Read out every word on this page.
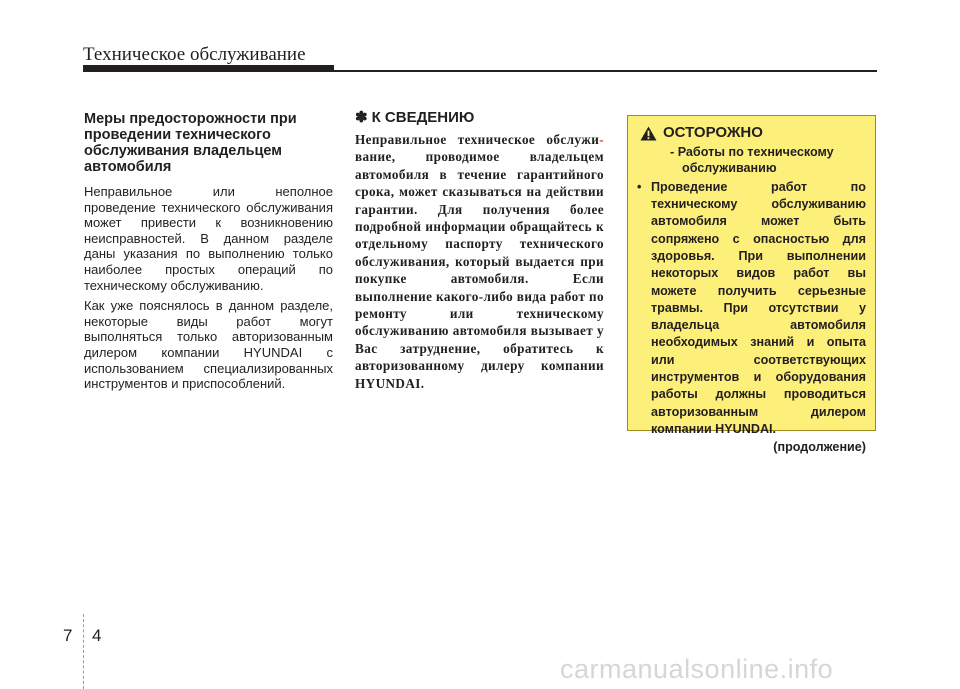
Техническое обслуживание
Меры предосторожности при проведении технического обслуживания владельцем автомобиля

Неправильное или неполное проведение технического обслуживания может привести к возникновению неисправностей. В данном разделе даны указания по выполнению только наиболее простых операций по техническому обслуживанию.

Как уже пояснялось в данном разделе, некоторые виды работ могут выполняться только авторизованным дилером компании HYUNDAI с использованием специализированных инструментов и приспособлений.

✽ К СВЕДЕНИЮ

Неправильное техническое обслужи-вание, проводимое владельцем автомобиля в течение гарантийного срока, может сказываться на действии гарантии. Для получения более подробной информации обращайтесь к отдельному паспорту технического обслуживания, который выдается при покупке автомобиля. Если выполнение какого-либо вида работ по ремонту или техническому обслуживанию автомобиля вызывает у Вас затруднение, обратитесь к авторизованному дилеру компании HYUNDAI.

ОСТОРОЖНО
- Работы по техническому обслуживанию
• Проведение работ по техническому обслуживанию автомобиля может быть сопряжено с опасностью для здоровья. При выполнении некоторых видов работ вы можете получить серьезные травмы. При отсутствии у владельца автомобиля необходимых знаний и опыта или соответствующих инструментов и оборудования работы должны проводиться авторизованным дилером компании HYUNDAI.
(продолжение)
7 4
carmanualsonline.info
